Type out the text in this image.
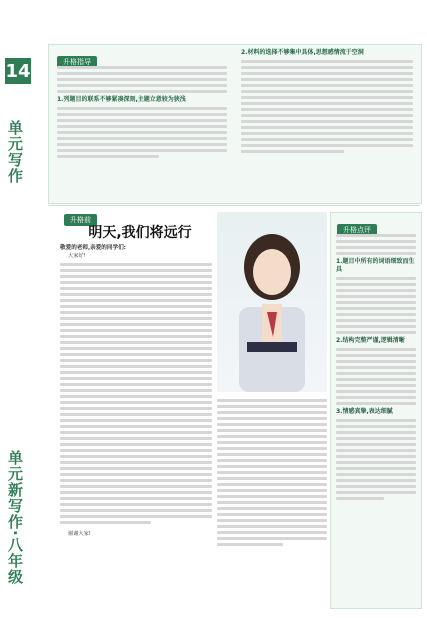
14
单元写作
单元新写作·八年级
升格指导
1.列题目的联系不够紧凑深刻,主题立意较为狭浅
2.材料的选择不够集中具体,思想感情流于空洞
升格前
明天,我们将远行
敬爱的老师,亲爱的同学们:
大家好!
谢谢大家!
升格点评
1.题目中所有的词语细致而生具
2.结构完整严谨,逻辑清晰
3.情感真挚,表达细腻
